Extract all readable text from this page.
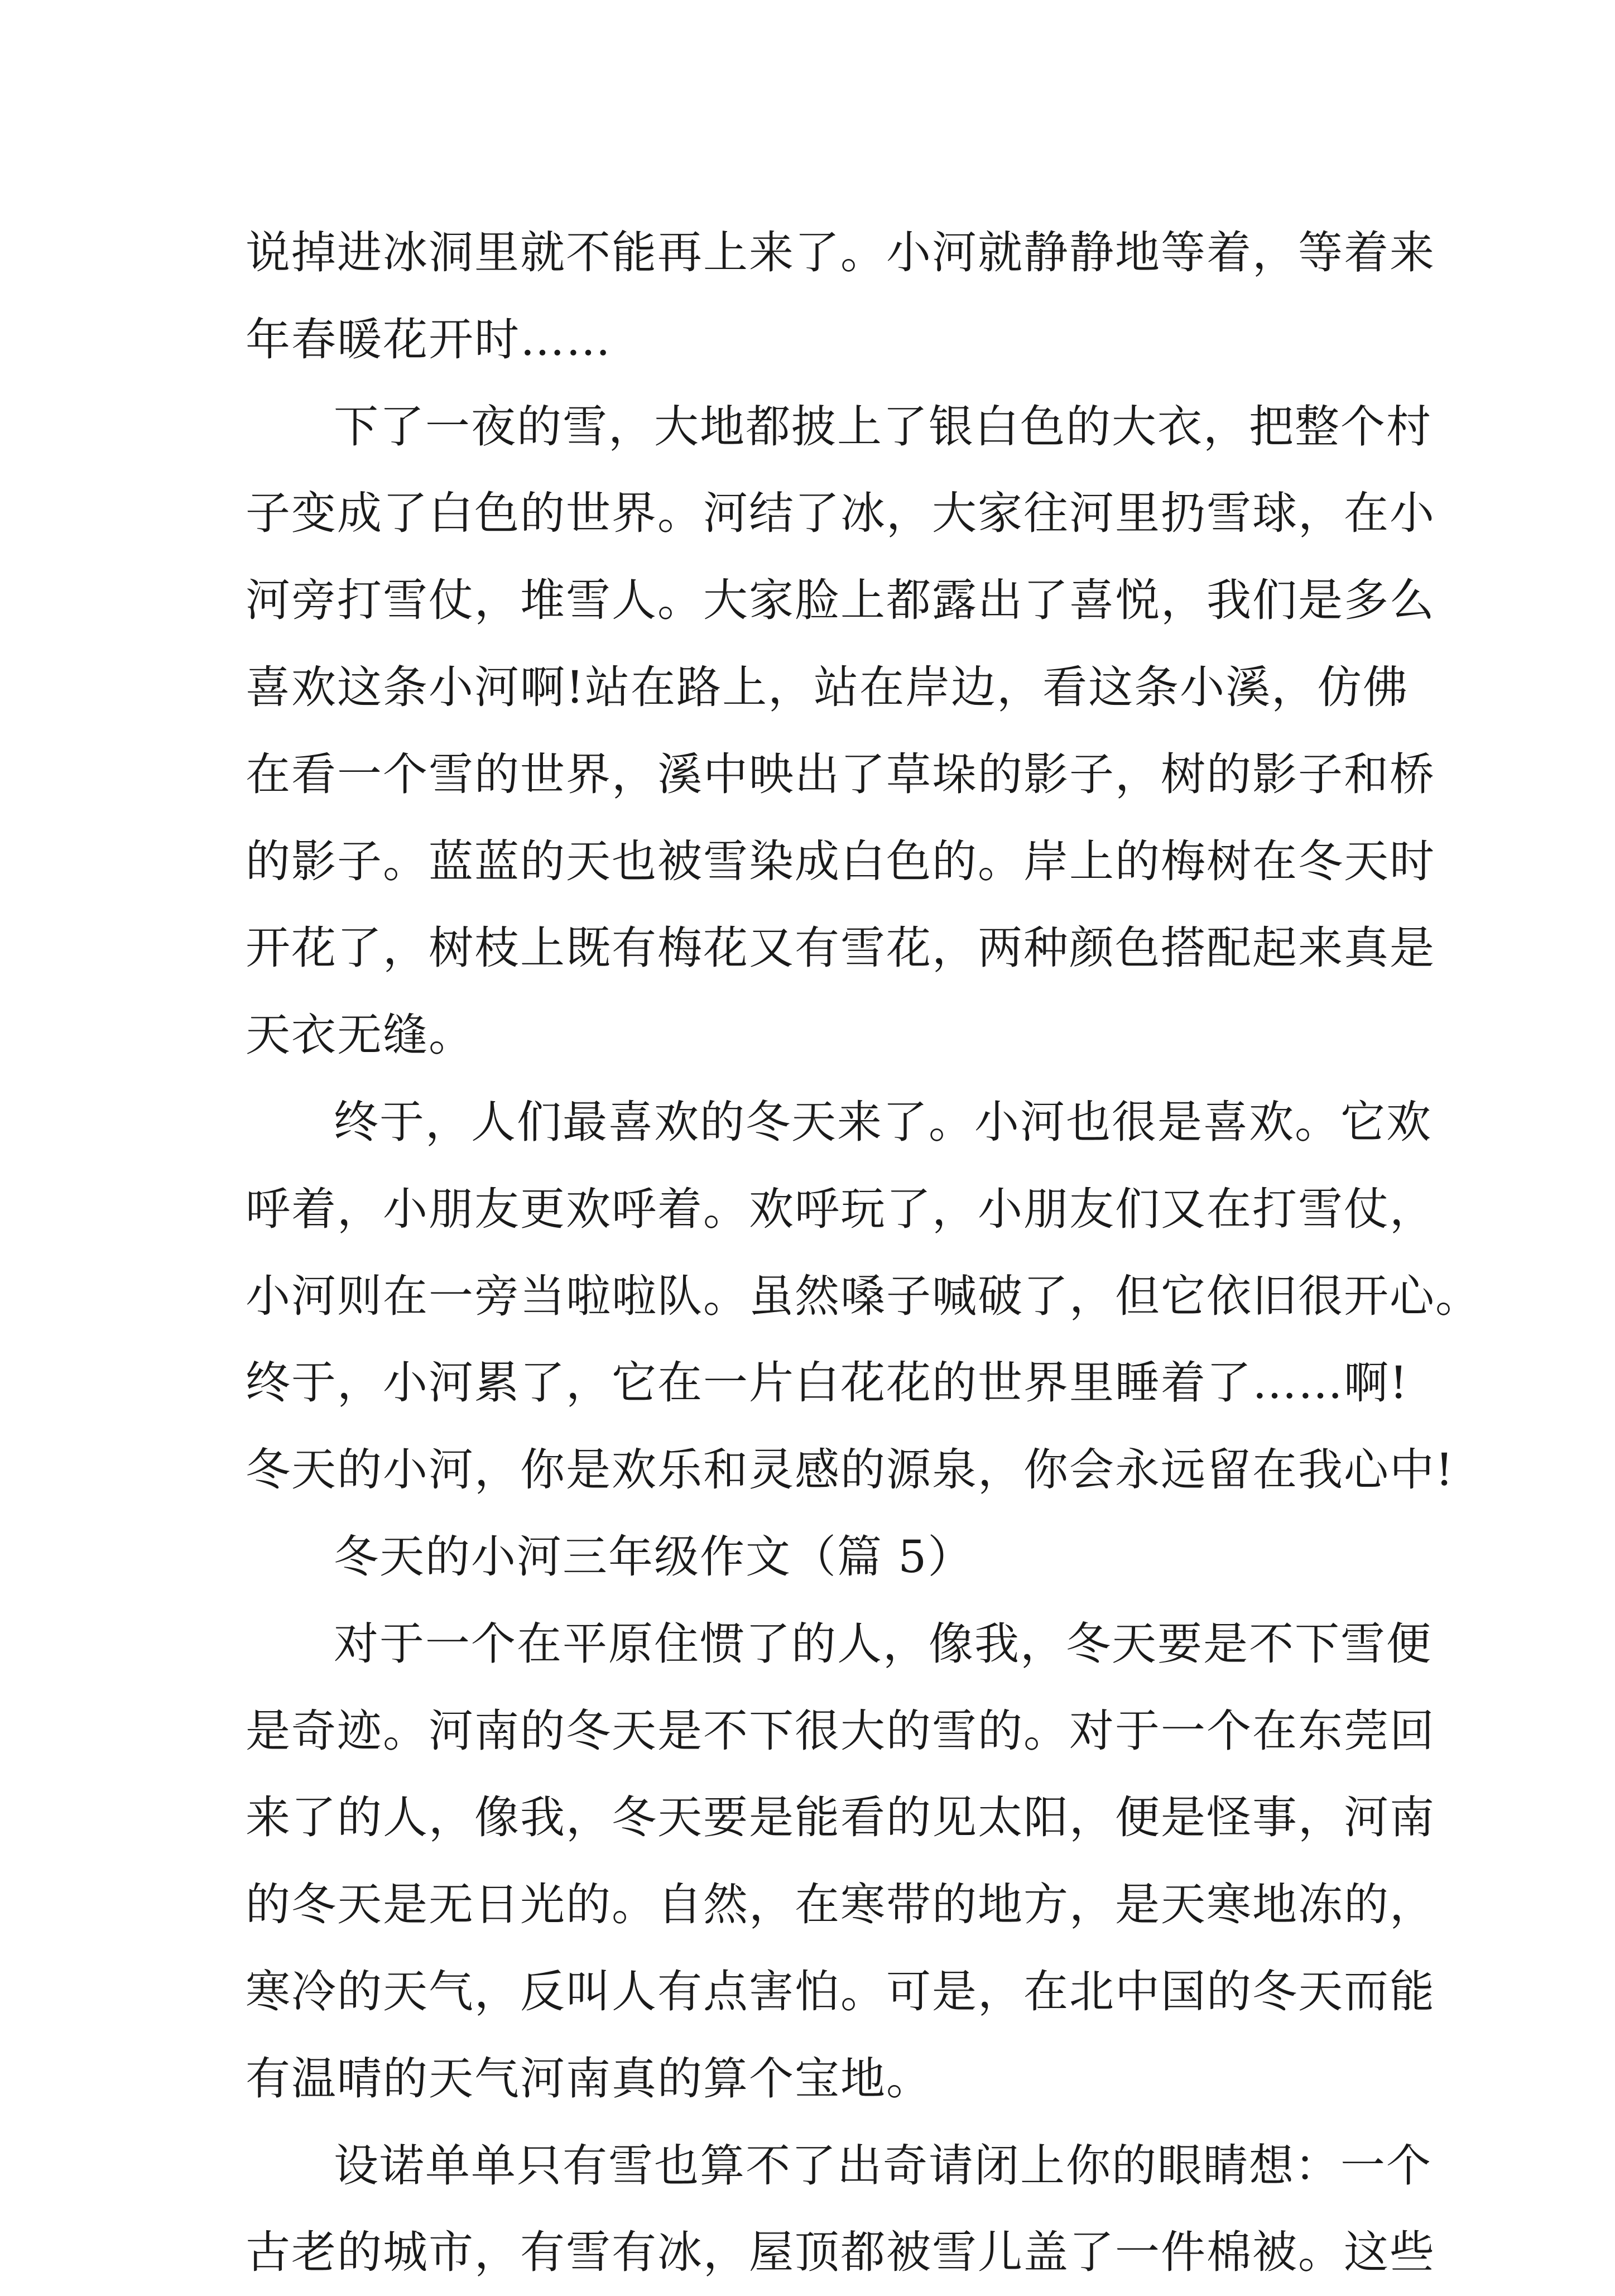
说掉进冰洞里就不能再上来了。小河就静静地等着，等着来
年春暖花开时……
下了一夜的雪，大地都披上了银白色的大衣，把整个村
子变成了白色的世界。河结了冰，大家往河里扔雪球，在小
河旁打雪仗，堆雪人。大家脸上都露出了喜悦，我们是多么
喜欢这条小河啊!站在路上，站在岸边，看这条小溪，仿佛
在看一个雪的世界，溪中映出了草垛的影子，树的影子和桥
的影子。蓝蓝的天也被雪染成白色的。岸上的梅树在冬天时
开花了，树枝上既有梅花又有雪花，两种颜色搭配起来真是
天衣无缝。
终于，人们最喜欢的冬天来了。小河也很是喜欢。它欢
呼着，小朋友更欢呼着。欢呼玩了，小朋友们又在打雪仗，
小河则在一旁当啦啦队。虽然嗓子喊破了，但它依旧很开心。
终于，小河累了，它在一片白花花的世界里睡着了……啊!
冬天的小河，你是欢乐和灵感的源泉，你会永远留在我心中!
冬天的小河三年级作文（篇 5）
对于一个在平原住惯了的人，像我，冬天要是不下雪便
是奇迹。河南的冬天是不下很大的雪的。对于一个在东莞回
来了的人，像我，冬天要是能看的见太阳，便是怪事，河南
的冬天是无日光的。自然，在寒带的地方，是天寒地冻的，
寒冷的天气，反叫人有点害怕。可是，在北中国的冬天而能
有温晴的天气河南真的算个宝地。
设诺单单只有雪也算不了出奇请闭上你的眼睛想：一个
古老的城市，有雪有冰，屋顶都被雪儿盖了一件棉被。这些
